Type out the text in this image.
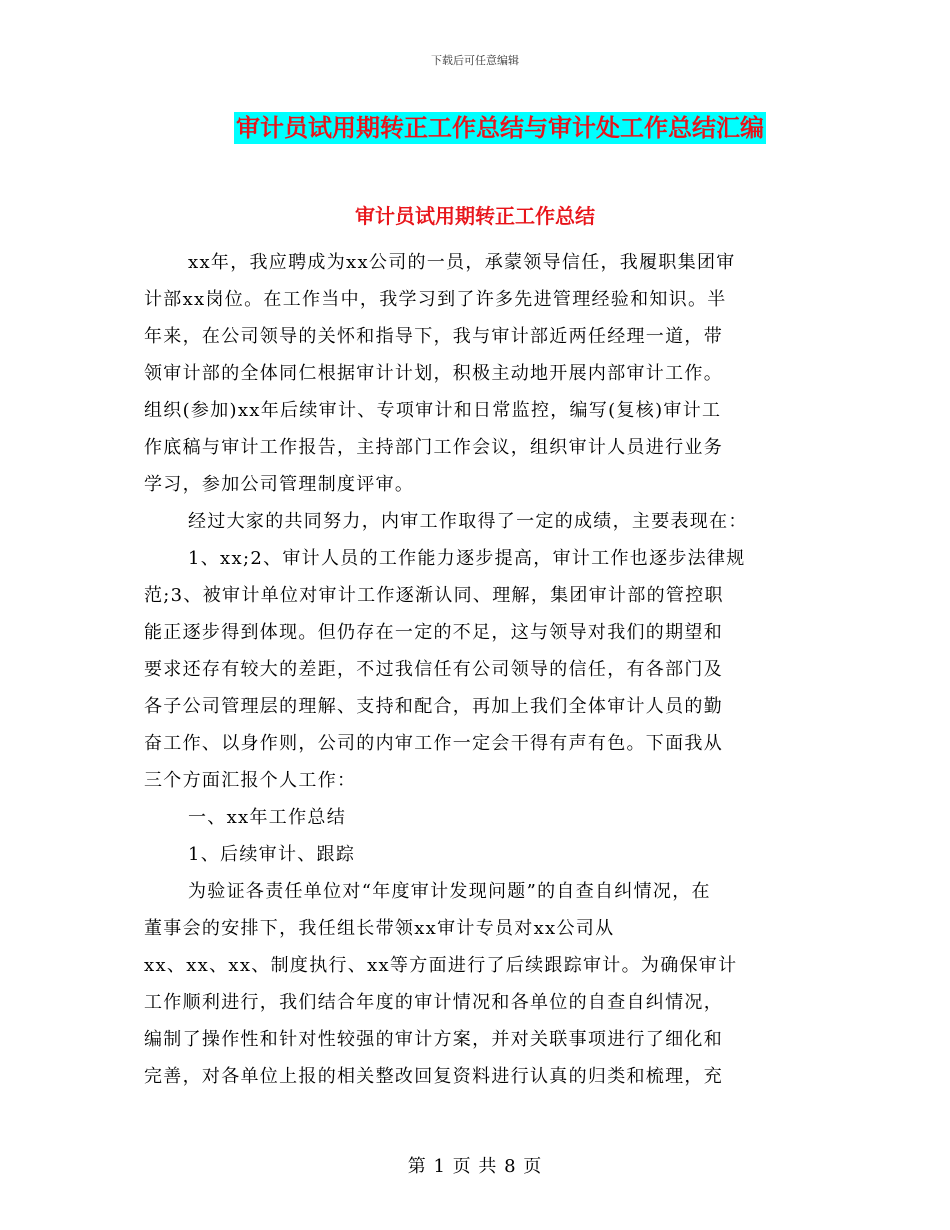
下载后可任意编辑
审计员试用期转正工作总结与审计处工作总结汇编
审计员试用期转正工作总结
xx年，我应聘成为xx公司的一员，承蒙领导信任，我履职集团审
计部xx岗位。在工作当中，我学习到了许多先进管理经验和知识。半
年来，在公司领导的关怀和指导下，我与审计部近两任经理一道，带
领审计部的全体同仁根据审计计划，积极主动地开展内部审计工作。
组织(参加)xx年后续审计、专项审计和日常监控，编写(复核)审计工
作底稿与审计工作报告，主持部门工作会议，组织审计人员进行业务
学习，参加公司管理制度评审。
经过大家的共同努力，内审工作取得了一定的成绩，主要表现在：
1、xx;2、审计人员的工作能力逐步提高，审计工作也逐步法律规
范;3、被审计单位对审计工作逐渐认同、理解，集团审计部的管控职
能正逐步得到体现。但仍存在一定的不足，这与领导对我们的期望和
要求还存有较大的差距，不过我信任有公司领导的信任，有各部门及
各子公司管理层的理解、支持和配合，再加上我们全体审计人员的勤
奋工作、以身作则，公司的内审工作一定会干得有声有色。下面我从
三个方面汇报个人工作：
一、xx年工作总结
1、后续审计、跟踪
为验证各责任单位对“年度审计发现问题”的自查自纠情况，在
董事会的安排下，我任组长带领xx审计专员对xx公司从
xx、xx、xx、制度执行、xx等方面进行了后续跟踪审计。为确保审计
工作顺利进行，我们结合年度的审计情况和各单位的自查自纠情况，
编制了操作性和针对性较强的审计方案，并对关联事项进行了细化和
完善，对各单位上报的相关整改回复资料进行认真的归类和梳理，充
第 1 页 共 8 页
